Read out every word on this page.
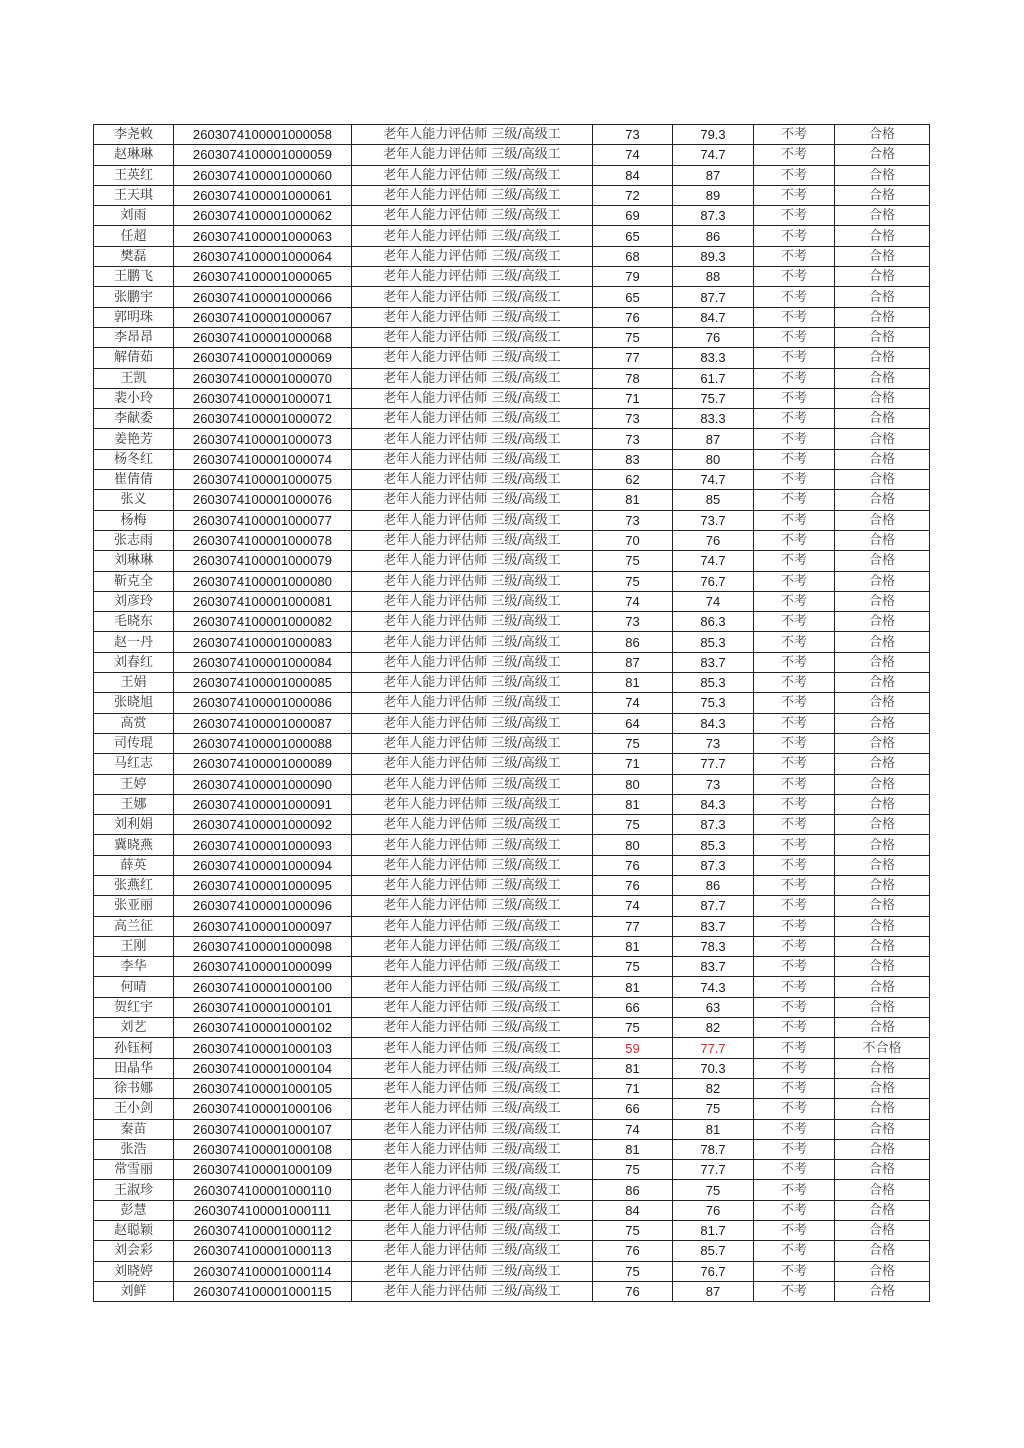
李尧敕	2603074100001000058	老年人能力评估师 三级/高级工	73	79.3	不考	合格
赵琳琳	2603074100001000059	老年人能力评估师 三级/高级工	74	74.7	不考	合格
王英红	2603074100001000060	老年人能力评估师 三级/高级工	84	87	不考	合格
王天琪	2603074100001000061	老年人能力评估师 三级/高级工	72	89	不考	合格
刘雨	2603074100001000062	老年人能力评估师 三级/高级工	69	87.3	不考	合格
任超	2603074100001000063	老年人能力评估师 三级/高级工	65	86	不考	合格
樊磊	2603074100001000064	老年人能力评估师 三级/高级工	68	89.3	不考	合格
王鹏飞	2603074100001000065	老年人能力评估师 三级/高级工	79	88	不考	合格
张鹏宇	2603074100001000066	老年人能力评估师 三级/高级工	65	87.7	不考	合格
郭明珠	2603074100001000067	老年人能力评估师 三级/高级工	76	84.7	不考	合格
李昂昂	2603074100001000068	老年人能力评估师 三级/高级工	75	76	不考	合格
解倩茹	2603074100001000069	老年人能力评估师 三级/高级工	77	83.3	不考	合格
王凯	2603074100001000070	老年人能力评估师 三级/高级工	78	61.7	不考	合格
裴小玲	2603074100001000071	老年人能力评估师 三级/高级工	71	75.7	不考	合格
李献委	2603074100001000072	老年人能力评估师 三级/高级工	73	83.3	不考	合格
姜艳芳	2603074100001000073	老年人能力评估师 三级/高级工	73	87	不考	合格
杨冬红	2603074100001000074	老年人能力评估师 三级/高级工	83	80	不考	合格
崔倩倩	2603074100001000075	老年人能力评估师 三级/高级工	62	74.7	不考	合格
张义	2603074100001000076	老年人能力评估师 三级/高级工	81	85	不考	合格
杨梅	2603074100001000077	老年人能力评估师 三级/高级工	73	73.7	不考	合格
张志雨	2603074100001000078	老年人能力评估师 三级/高级工	70	76	不考	合格
刘琳琳	2603074100001000079	老年人能力评估师 三级/高级工	75	74.7	不考	合格
靳克全	2603074100001000080	老年人能力评估师 三级/高级工	75	76.7	不考	合格
刘彦玲	2603074100001000081	老年人能力评估师 三级/高级工	74	74	不考	合格
毛晓东	2603074100001000082	老年人能力评估师 三级/高级工	73	86.3	不考	合格
赵一丹	2603074100001000083	老年人能力评估师 三级/高级工	86	85.3	不考	合格
刘春红	2603074100001000084	老年人能力评估师 三级/高级工	87	83.7	不考	合格
王娟	2603074100001000085	老年人能力评估师 三级/高级工	81	85.3	不考	合格
张晓旭	2603074100001000086	老年人能力评估师 三级/高级工	74	75.3	不考	合格
高赏	2603074100001000087	老年人能力评估师 三级/高级工	64	84.3	不考	合格
司传琨	2603074100001000088	老年人能力评估师 三级/高级工	75	73	不考	合格
马红志	2603074100001000089	老年人能力评估师 三级/高级工	71	77.7	不考	合格
王婷	2603074100001000090	老年人能力评估师 三级/高级工	80	73	不考	合格
王娜	2603074100001000091	老年人能力评估师 三级/高级工	81	84.3	不考	合格
刘利娟	2603074100001000092	老年人能力评估师 三级/高级工	75	87.3	不考	合格
冀晓燕	2603074100001000093	老年人能力评估师 三级/高级工	80	85.3	不考	合格
薛英	2603074100001000094	老年人能力评估师 三级/高级工	76	87.3	不考	合格
张燕红	2603074100001000095	老年人能力评估师 三级/高级工	76	86	不考	合格
张亚丽	2603074100001000096	老年人能力评估师 三级/高级工	74	87.7	不考	合格
高兰征	2603074100001000097	老年人能力评估师 三级/高级工	77	83.7	不考	合格
王刚	2603074100001000098	老年人能力评估师 三级/高级工	81	78.3	不考	合格
李华	2603074100001000099	老年人能力评估师 三级/高级工	75	83.7	不考	合格
何晴	2603074100001000100	老年人能力评估师 三级/高级工	81	74.3	不考	合格
贺红宇	2603074100001000101	老年人能力评估师 三级/高级工	66	63	不考	合格
刘艺	2603074100001000102	老年人能力评估师 三级/高级工	75	82	不考	合格
孙钰柯	2603074100001000103	老年人能力评估师 三级/高级工	59	77.7	不考	不合格
田晶华	2603074100001000104	老年人能力评估师 三级/高级工	81	70.3	不考	合格
徐书娜	2603074100001000105	老年人能力评估师 三级/高级工	71	82	不考	合格
王小剑	2603074100001000106	老年人能力评估师 三级/高级工	66	75	不考	合格
秦苗	2603074100001000107	老年人能力评估师 三级/高级工	74	81	不考	合格
张浩	2603074100001000108	老年人能力评估师 三级/高级工	81	78.7	不考	合格
常雪丽	2603074100001000109	老年人能力评估师 三级/高级工	75	77.7	不考	合格
王淑珍	2603074100001000110	老年人能力评估师 三级/高级工	86	75	不考	合格
彭慧	2603074100001000111	老年人能力评估师 三级/高级工	84	76	不考	合格
赵聪颖	2603074100001000112	老年人能力评估师 三级/高级工	75	81.7	不考	合格
刘会彩	2603074100001000113	老年人能力评估师 三级/高级工	76	85.7	不考	合格
刘晓婷	2603074100001000114	老年人能力评估师 三级/高级工	75	76.7	不考	合格
刘鲜	2603074100001000115	老年人能力评估师 三级/高级工	76	87	不考	合格
